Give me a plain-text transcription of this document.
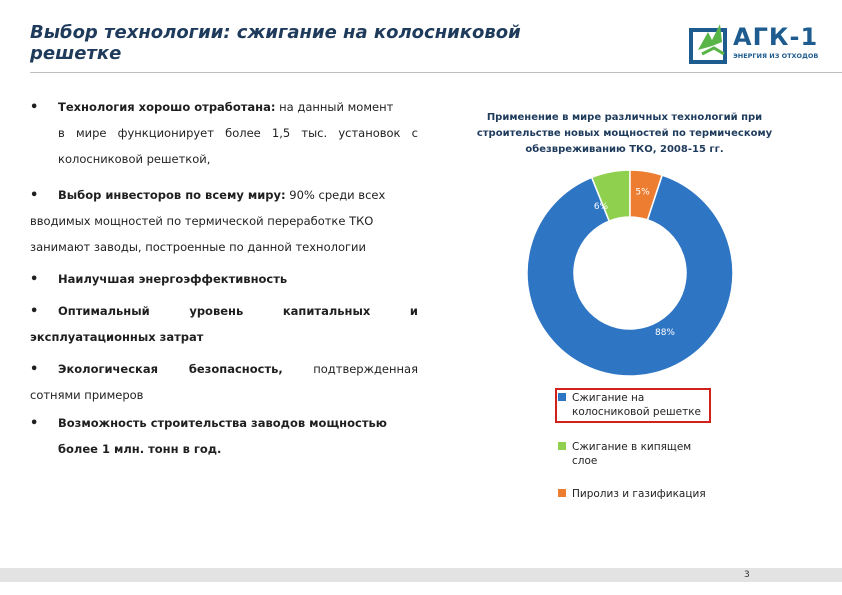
Выбор технологии: сжигание на колосниковой
решетке
АГК-1
ЭНЕРГИЯ ИЗ ОТХОДОВ
• Технология хорошо отработана: на данный момент
в мире функционирует более 1,5 тыс. установок с
колосниковой решеткой,
• Выбор инвесторов по всему миру: 90% среди всех
вводимых мощностей по термической переработке ТКО
занимают заводы, построенные по данной технологии
• Наилучшая энергоэффективность
• Оптимальный уровень капитальных и
эксплуатационных затрат
• Экологическая безопасность, подтвержденная
сотнями примеров
• Возможность строительства заводов мощностью
более 1 млн. тонн в год.
Применение в мире различных технологий при строительстве новых мощностей по термическому обезвреживанию ТКО, 2008-15 гг.
88%
6%
5%
Сжигание на
колосниковой решетке
Сжигание в кипящем
слое
Пиролиз и газификация
3
